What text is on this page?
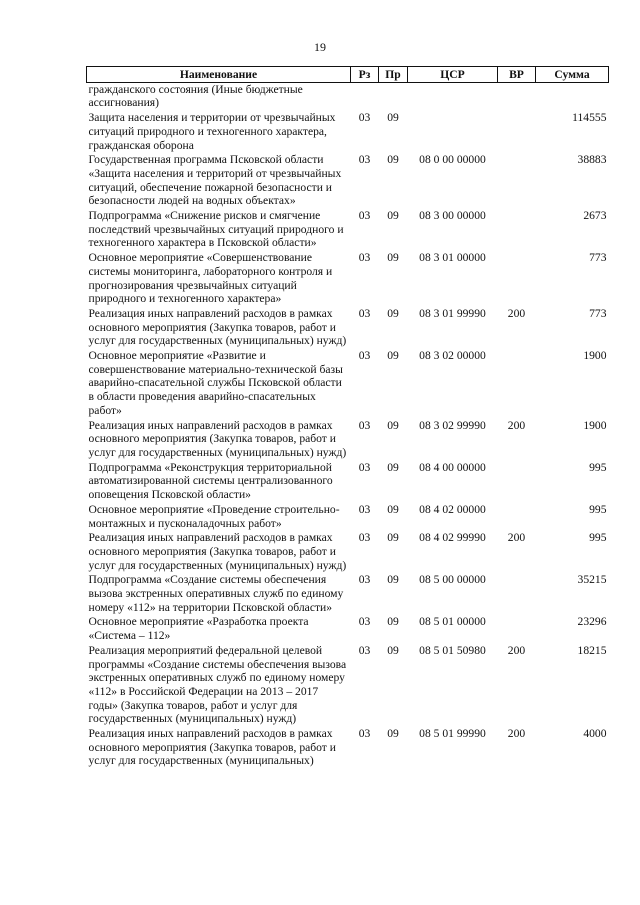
19
Наименование	Рз	Пр	ЦСР	ВР	Сумма
гражданского состояния (Иные бюджетные ассигнования)					
Защита населения и территории от чрезвычайных ситуаций природного и техногенного характера, гражданская оборона	03	09			114555
Государственная программа Псковской области «Защита населения и территорий от чрезвычайных ситуаций, обеспечение пожарной безопасности и безопасности людей на водных объектах»	03	09	08 0 00 00000		38883
Подпрограмма «Снижение рисков и смягчение последствий чрезвычайных ситуаций природного и техногенного характера в Псковской области»	03	09	08 3 00 00000		2673
Основное мероприятие «Совершенствование системы мониторинга, лабораторного контроля и прогнозирования чрезвычайных ситуаций природного и техногенного характера»	03	09	08 3 01 00000		773
Реализация иных направлений расходов в рамках основного мероприятия (Закупка товаров, работ и услуг для государственных (муниципальных) нужд)	03	09	08 3 01 99990	200	773
Основное мероприятие «Развитие и совершенствование материально-технической базы аварийно-спасательной службы Псковской области в области проведения аварийно-спасательных работ»	03	09	08 3 02 00000		1900
Реализация иных направлений расходов в рамках основного мероприятия (Закупка товаров, работ и услуг для государственных (муниципальных) нужд)	03	09	08 3 02 99990	200	1900
Подпрограмма «Реконструкция территориальной автоматизированной системы централизованного оповещения Псковской области»	03	09	08 4 00 00000		995
Основное мероприятие «Проведение строительно-монтажных и пусконаладочных работ»	03	09	08 4 02 00000		995
Реализация иных направлений расходов в рамках основного мероприятия (Закупка товаров, работ и услуг для государственных (муниципальных) нужд)	03	09	08 4 02 99990	200	995
Подпрограмма «Создание системы обеспечения вызова экстренных оперативных служб по единому номеру «112» на территории Псковской области»	03	09	08 5 00 00000		35215
Основное мероприятие «Разработка проекта «Система – 112»	03	09	08 5 01 00000		23296
Реализация мероприятий федеральной целевой программы «Создание системы обеспечения вызова экстренных оперативных служб по единому номеру «112» в Российской Федерации на 2013 – 2017 годы» (Закупка товаров, работ и услуг для государственных (муниципальных) нужд)	03	09	08 5 01 50980	200	18215
Реализация иных направлений расходов в рамках основного мероприятия (Закупка товаров, работ и услуг для государственных (муниципальных)	03	09	08 5 01 99990	200	4000
